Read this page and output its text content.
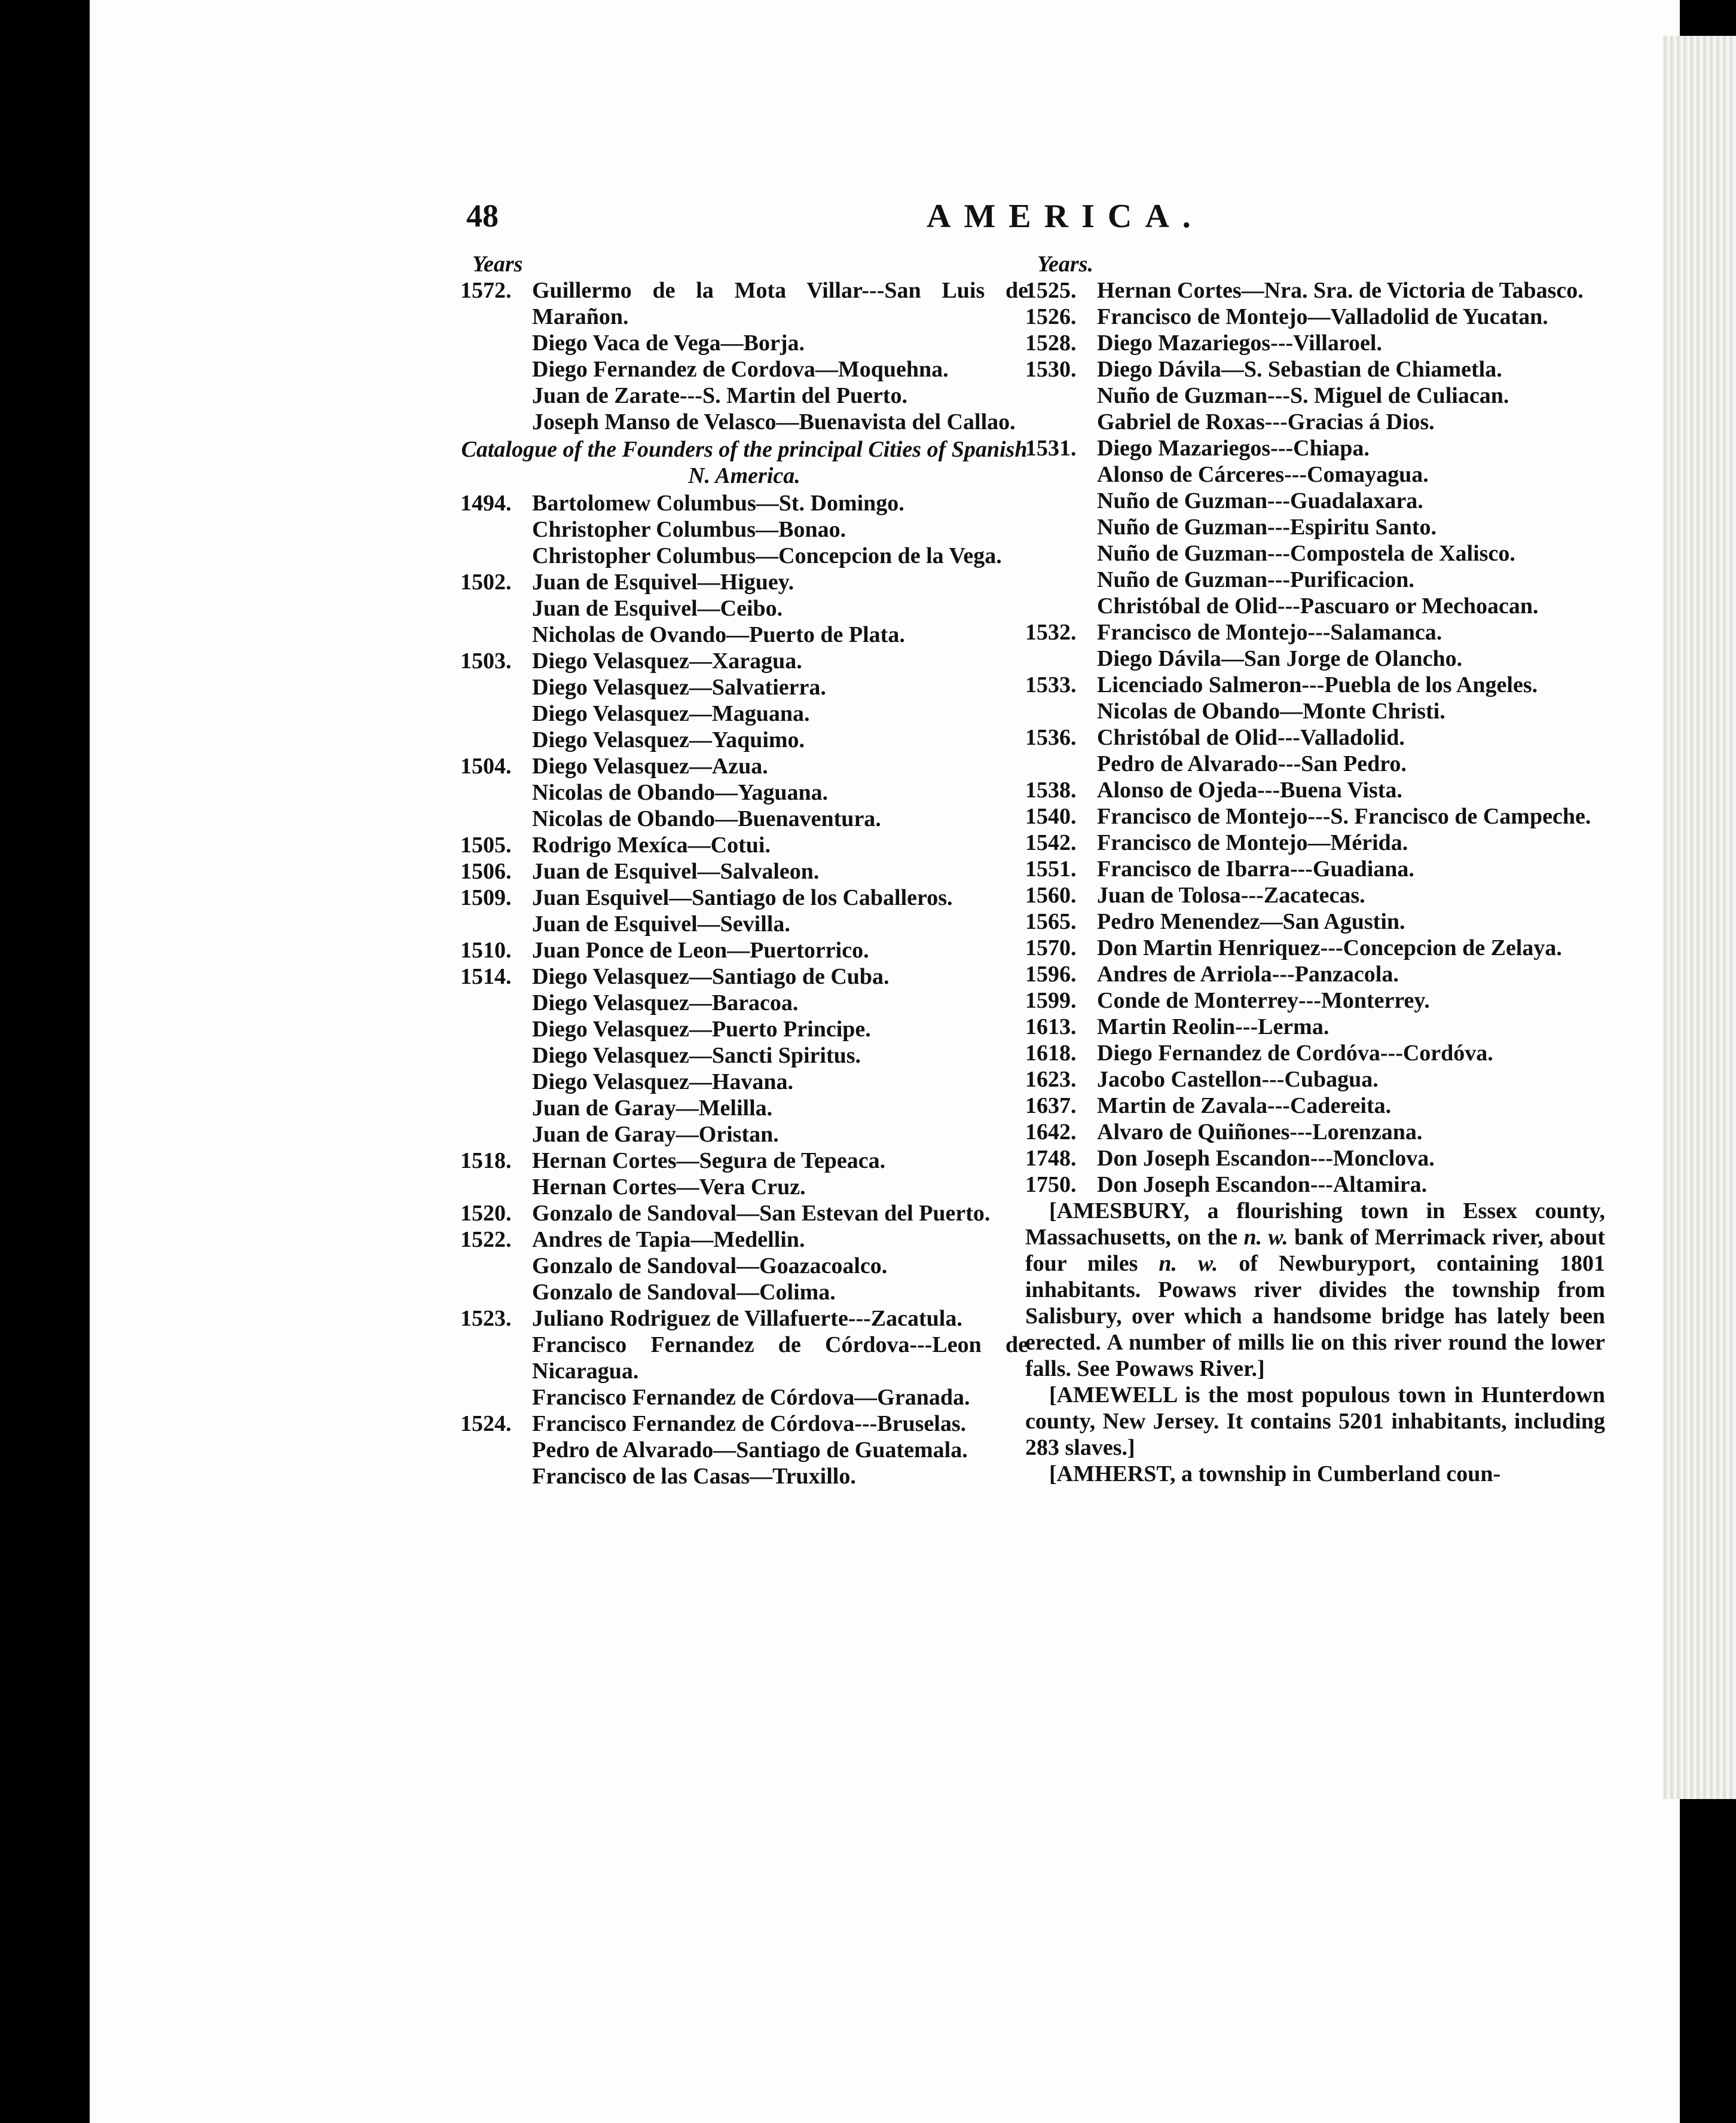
48	AMERICA.
Years
1572. Guillermo de la Mota Villar---San Luis de Marañon.
Diego Vaca de Vega—Borja.
Diego Fernandez de Cordova—Moquehna.
Juan de Zarate---S. Martin del Puerto.
Joseph Manso de Velasco—Buenavista del Callao.
Catalogue of the Founders of the principal Cities of Spanish N. America.
1494. Bartolomew Columbus—St. Domingo.
Christopher Columbus—Bonao.
Christopher Columbus—Concepcion de la Vega.
1502. Juan de Esquivel—Higuey.
Juan de Esquivel—Ceibo.
Nicholas de Ovando—Puerto de Plata.
1503. Diego Velasquez—Xaragua.
Diego Velasquez—Salvatierra.
Diego Velasquez—Maguana.
Diego Velasquez—Yaquimo.
1504. Diego Velasquez—Azua.
Nicolas de Obando—Yaguana.
Nicolas de Obando—Buenaventura.
1505. Rodrigo Mexíca—Cotui.
1506. Juan de Esquivel—Salvaleon.
1509. Juan Esquivel—Santiago de los Caballeros.
Juan de Esquivel—Sevilla.
1510. Juan Ponce de Leon—Puertorrico.
1514. Diego Velasquez—Santiago de Cuba.
Diego Velasquez—Baracoa.
Diego Velasquez—Puerto Principe.
Diego Velasquez—Sancti Spiritus.
Diego Velasquez—Havana.
Juan de Garay—Melilla.
Juan de Garay—Oristan.
1518. Hernan Cortes—Segura de Tepeaca.
Hernan Cortes—Vera Cruz.
1520. Gonzalo de Sandoval—San Estevan del Puerto.
1522. Andres de Tapia—Medellin.
Gonzalo de Sandoval—Goazacoalco.
Gonzalo de Sandoval—Colima.
1523. Juliano Rodriguez de Villafuerte---Zacatula.
Francisco Fernandez de Córdova---Leon de Nicaragua.
Francisco Fernandez de Córdova—Granada.
1524. Francisco Fernandez de Córdova---Bruselas.
Pedro de Alvarado—Santiago de Guatemala.
Francisco de las Casas—Truxillo.
Years.
1525. Hernan Cortes—Nra. Sra. de Victoria de Tabasco.
1526. Francisco de Montejo—Valladolid de Yucatan.
1528. Diego Mazariegos---Villaroel.
1530. Diego Dávila—S. Sebastian de Chiametla.
Nuño de Guzman---S. Miguel de Culiacan.
Gabriel de Roxas---Gracias á Dios.
1531. Diego Mazariegos---Chiapa.
Alonso de Cárceres---Comayagua.
Nuño de Guzman---Guadalaxara.
Nuño de Guzman---Espiritu Santo.
Nuño de Guzman---Compostela de Xalisco.
Nuño de Guzman---Purificacion.
Christóbal de Olid---Pascuaro or Mechoacan.
1532. Francisco de Montejo---Salamanca.
Diego Dávila—San Jorge de Olancho.
1533. Licenciado Salmeron---Puebla de los Angeles.
Nicolas de Obando—Monte Christi.
1536. Christóbal de Olid---Valladolid.
Pedro de Alvarado---San Pedro.
1538. Alonso de Ojeda---Buena Vista.
1540. Francisco de Montejo---S. Francisco de Campeche.
1542. Francisco de Montejo—Mérida.
1551. Francisco de Ibarra---Guadiana.
1560. Juan de Tolosa---Zacatecas.
1565. Pedro Menendez—San Agustin.
1570. Don Martin Henriquez---Concepcion de Zelaya.
1596. Andres de Arriola---Panzacola.
1599. Conde de Monterrey---Monterrey.
1613. Martin Reolin---Lerma.
1618. Diego Fernandez de Cordóva---Cordóva.
1623. Jacobo Castellon---Cubagua.
1637. Martin de Zavala---Cadereita.
1642. Alvaro de Quiñones---Lorenzana.
1748. Don Joseph Escandon---Monclova.
1750. Don Joseph Escandon---Altamira.
[AMESBURY, a flourishing town in Essex county, Massachusetts, on the n. w. bank of Merrimack river, about four miles n. w. of Newburyport, containing 1801 inhabitants. Powaws river divides the township from Salisbury, over which a handsome bridge has lately been erected. A number of mills lie on this river round the lower falls. See Powaws River.]
[AMEWELL is the most populous town in Hunterdown county, New Jersey. It contains 5201 inhabitants, including 283 slaves.]
[AMHERST, a township in Cumberland coun-
